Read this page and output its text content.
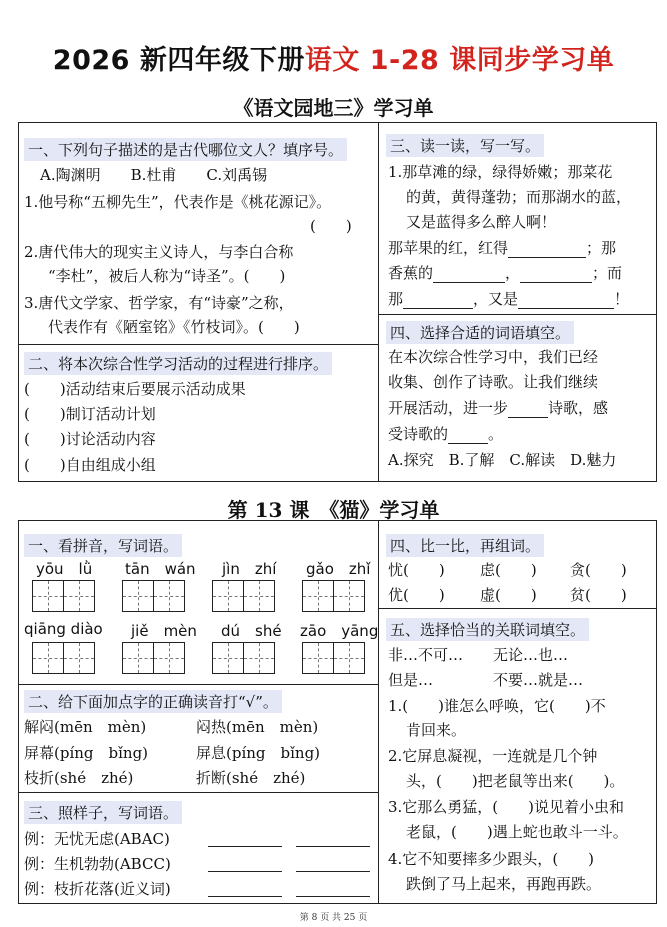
2026 新四年级下册语文 1-28 课同步学习单
《语文园地三》学习单
一、下列句子描述的是古代哪位文人？填序号。
A.陶渊明　　B.杜甫　　C.刘禹锡
1.他号称“五柳先生”，代表作是《桃花源记》。
(　　)
2.唐代伟大的现实主义诗人，与李白合称
“李杜”，被后人称为“诗圣”。(　　)
3.唐代文学家、哲学家，有“诗豪”之称，
代表作有《陋室铭》《竹枝词》。(　　)
二、将本次综合性学习活动的过程进行排序。
(　　)活动结束后要展示活动成果
(　　)制订活动计划
(　　)讨论活动内容
(　　)自由组成小组
三、读一读，写一写。
1.那草滩的绿，绿得娇嫩；那菜花
的黄，黄得蓬勃；而那湖水的蓝，
又是蓝得多么醉人啊！
那苹果的红，红得	；那
香蕉的	，	；而
那	，又是	！
四、选择合适的词语填空。
在本次综合性学习中，我们已经
收集、创作了诗歌。让我们继续
开展活动，进一步	诗歌，感
受诗歌的	。
A.探究　B.了解　C.解读　D.魅力
第 13 课　《猫》学习单
一、看拼音，写词语。
yōu　lǜ tān　wán jìn　zhí gǎo　zhǐ
qiāng diào jiě　mèn dú　shé zāo　yāng
二、给下面加点字的正确读音打“√”。
解闷(mēn　mèn)	闷热(mēn　mèn)
屏幕(píng　bǐng)	屏息(píng　bǐng)
枝折(shé　zhé)	折断(shé　zhé)
三、照样子，写词语。
例：无忧无虑(ABAC)
例：生机勃勃(ABCC)
例：枝折花落(近义词)
四、比一比，再组词。
忧(　　) 虑(　　) 贪(　　)
优(　　) 虚(　　) 贫(　　)
五、选择恰当的关联词填空。
非…不可…　　无论…也…
但是…　　　　不要…就是…
1.(　　)谁怎么呼唤，它(　　)不
肯回来。
2.它屏息凝视，一连就是几个钟
头，(　　)把老鼠等出来(　　)。
3.它那么勇猛，(　　)说见着小虫和
老鼠，(　　)遇上蛇也敢斗一斗。
4.它不知要摔多少跟头，(　　)
跌倒了马上起来，再跑再跌。
第 8 页 共 25 页
